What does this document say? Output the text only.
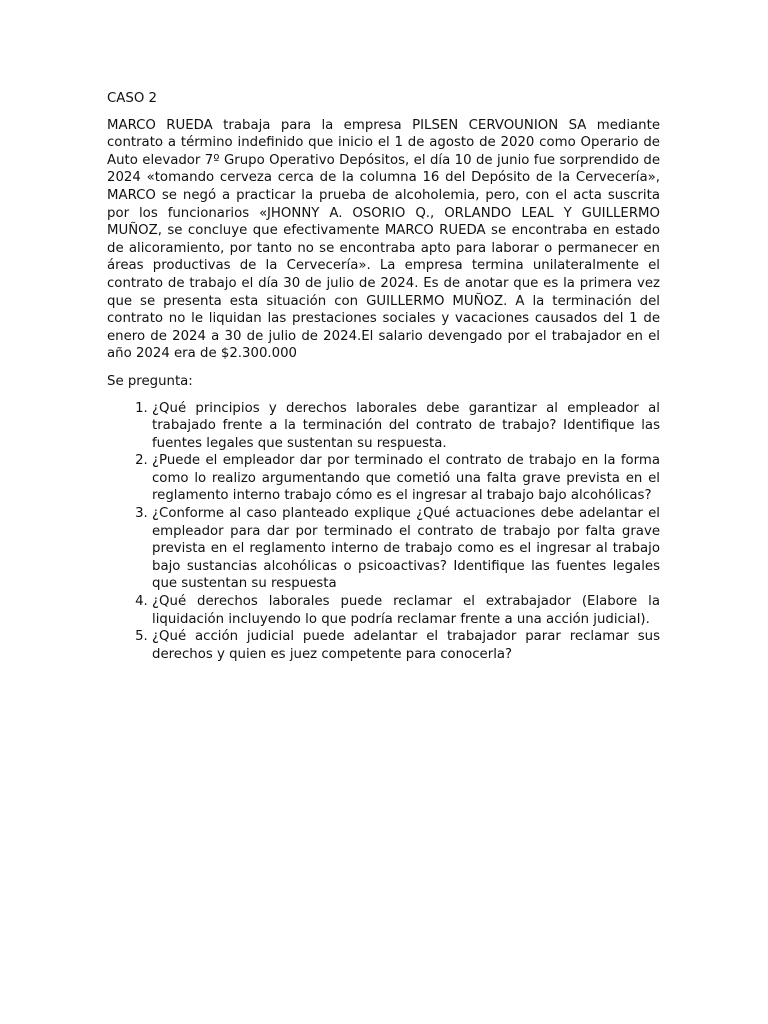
CASO 2

MARCO RUEDA trabaja para la empresa PILSEN CERVOUNION SA mediante contrato a término indefinido que inicio el 1 de agosto de 2020 como Operario de Auto elevador 7º Grupo Operativo Depósitos, el día 10 de junio fue sorprendido de 2024 «tomando cerveza cerca de la columna 16 del Depósito de la Cervecería», MARCO se negó a practicar la prueba de alcoholemia, pero, con el acta suscrita por los funcionarios «JHONNY A. OSORIO Q., ORLANDO LEAL Y GUILLERMO MUÑOZ, se concluye que efectivamente MARCO RUEDA se encontraba en estado de alicoramiento, por tanto no se encontraba apto para laborar o permanecer en áreas productivas de la Cervecería». La empresa termina unilateralmente el contrato de trabajo el día 30 de julio de 2024. Es de anotar que es la primera vez que se presenta esta situación con GUILLERMO MUÑOZ. A la terminación del contrato no le liquidan las prestaciones sociales y vacaciones causados del 1 de enero de 2024 a 30 de julio de 2024.El salario devengado por el trabajador en el año 2024 era de $2.300.000

Se pregunta:

1. ¿Qué principios y derechos laborales debe garantizar al empleador al trabajado frente a la terminación del contrato de trabajo? Identifique las fuentes legales que sustentan su respuesta.
2. ¿Puede el empleador dar por terminado el contrato de trabajo en la forma como lo realizo argumentando que cometió una falta grave prevista en el reglamento interno trabajo cómo es el ingresar al trabajo bajo alcohólicas?
3. ¿Conforme al caso planteado explique ¿Qué actuaciones debe adelantar el empleador para dar por terminado el contrato de trabajo por falta grave prevista en el reglamento interno de trabajo como es el ingresar al trabajo bajo sustancias alcohólicas o psicoactivas? Identifique las fuentes legales que sustentan su respuesta
4. ¿Qué derechos laborales puede reclamar el extrabajador (Elabore la liquidación incluyendo lo que podría reclamar frente a una acción judicial).
5. ¿Qué acción judicial puede adelantar el trabajador parar reclamar sus derechos y quien es juez competente para conocerla?
